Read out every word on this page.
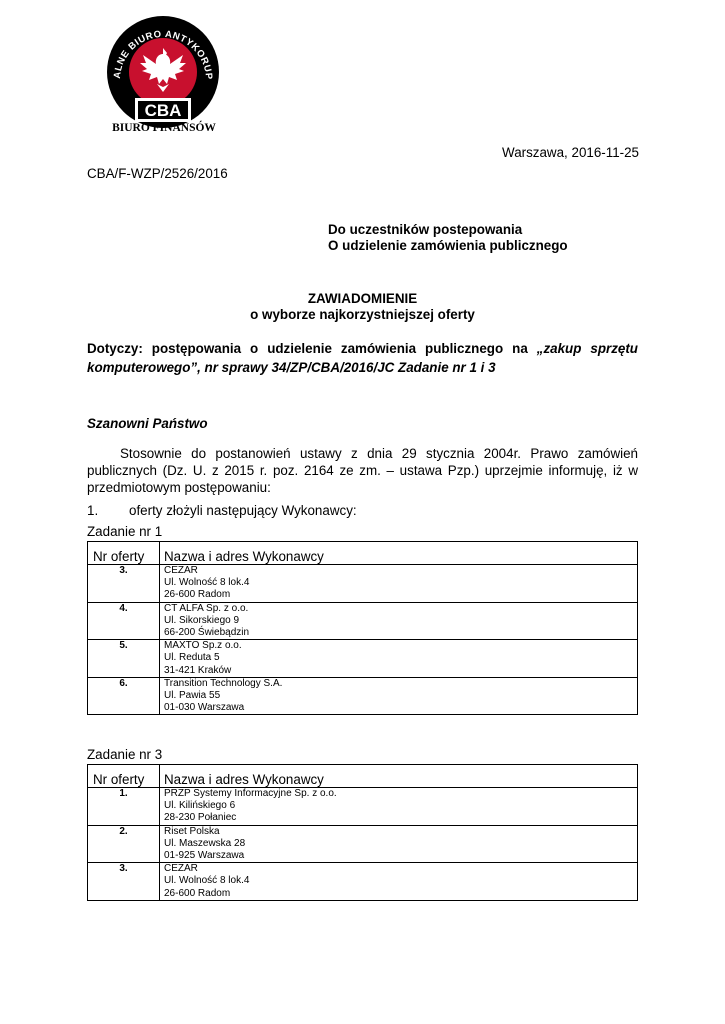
ALNE BIURO ANTYKORUP
CBA
BIURO FINANSÓW
Warszawa, 2016-11-25
CBA/F-WZP/2526/2016
Do uczestników postepowania
O udzielenie zamówienia publicznego
ZAWIADOMIENIE
o wyborze najkorzystniejszej oferty
Dotyczy: postępowania o udzielenie zamówienia publicznego na „zakup sprzętu komputerowego”, nr sprawy 34/ZP/CBA/2016/JC Zadanie nr 1 i 3
Szanowni Państwo
Stosownie do postanowień ustawy z dnia 29 stycznia 2004r. Prawo zamówień publicznych (Dz. U. z 2015 r. poz. 2164 ze zm. – ustawa Pzp.) uprzejmie informuję, iż w przedmiotowym postępowaniu:
1. oferty złożyli następujący Wykonawcy:
Zadanie nr 1
Nr oferty	Nazwa i adres Wykonawcy
3.	CEZAR
Ul. Wolność 8 lok.4
26-600 Radom

4.	CT ALFA Sp. z o.o.
Ul. Sikorskiego 9
66-200 Świebądzin

5.	MAXTO Sp.z o.o.
Ul. Reduta 5
31-421 Kraków

6.	Transition Technology S.A.
Ul. Pawia 55
01-030 Warszawa
Zadanie nr 3
Nr oferty	Nazwa i adres Wykonawcy
1.	PRZP Systemy Informacyjne Sp. z o.o.
Ul. Kilińskiego 6
28-230 Połaniec

2.	Riset Polska
Ul. Maszewska 28
01-925 Warszawa

3.	CEZAR
Ul. Wolność 8 lok.4
26-600 Radom
